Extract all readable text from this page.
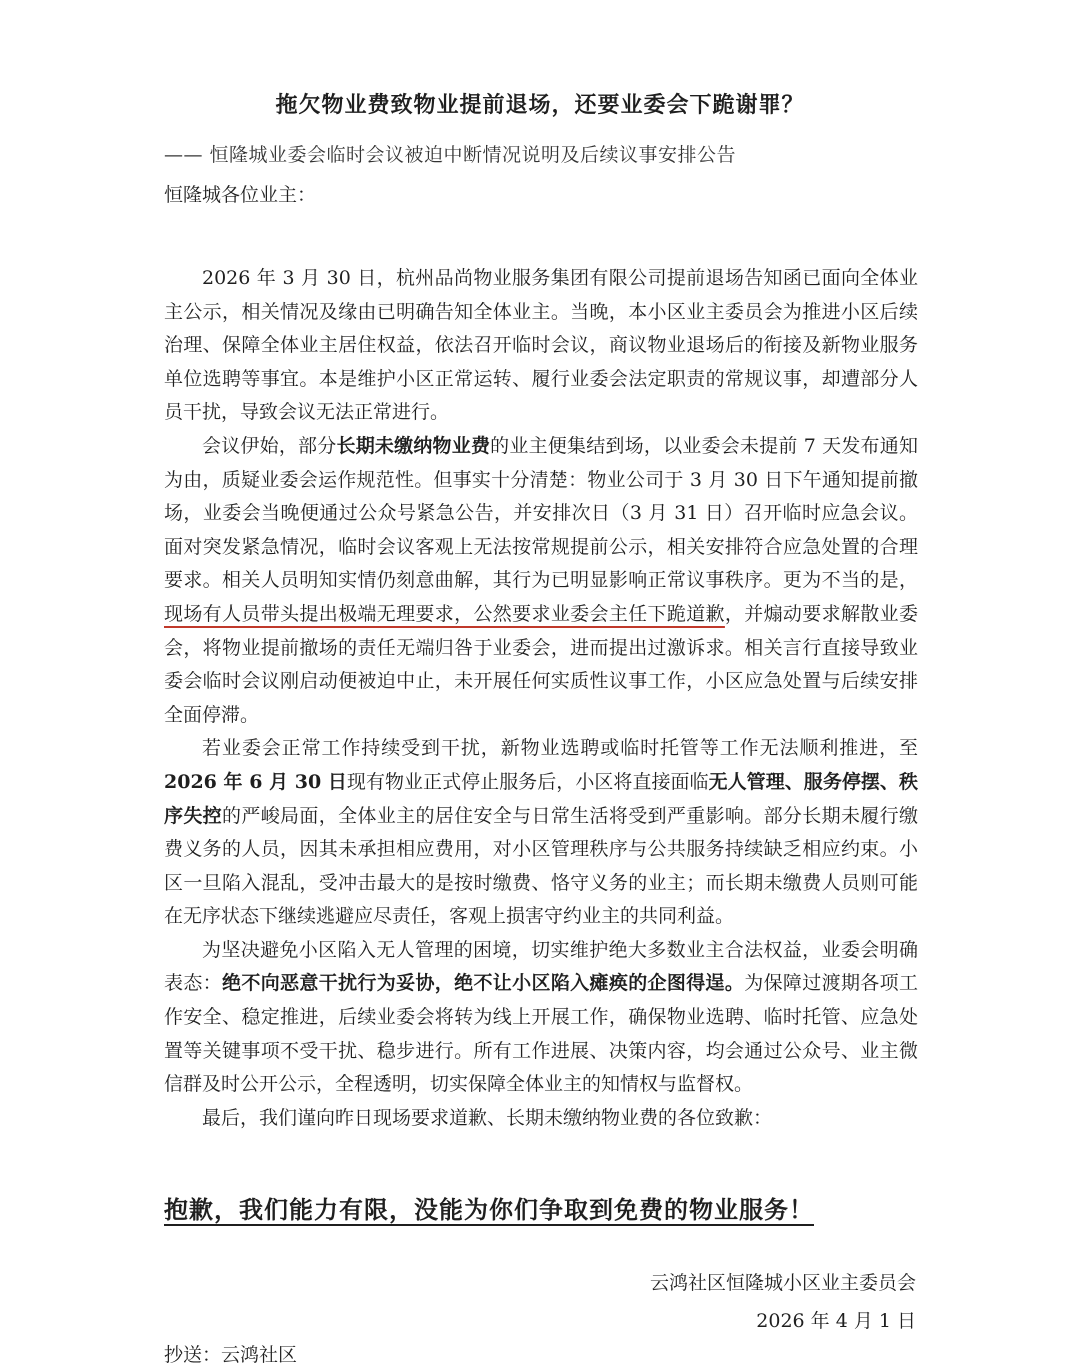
拖欠物业费致物业提前退场，还要业委会下跪谢罪？
—— 恒隆城业委会临时会议被迫中断情况说明及后续议事安排公告
恒隆城各位业主：

2026 年 3 月 30 日，杭州品尚物业服务集团有限公司提前退场告知函已面向全体业主公示，相关情况及缘由已明确告知全体业主。当晚，本小区业主委员会为推进小区后续治理、保障全体业主居住权益，依法召开临时会议，商议物业退场后的衔接及新物业服务单位选聘等事宜。本是维护小区正常运转、履行业委会法定职责的常规议事，却遭部分人员干扰，导致会议无法正常进行。

会议伊始，部分长期未缴纳物业费的业主便集结到场，以业委会未提前 7 天发布通知为由，质疑业委会运作规范性。但事实十分清楚：物业公司于 3 月 30 日下午通知提前撤场，业委会当晚便通过公众号紧急公告，并安排次日（3 月 31 日）召开临时应急会议。面对突发紧急情况，临时会议客观上无法按常规提前公示，相关安排符合应急处置的合理要求。相关人员明知实情仍刻意曲解，其行为已明显影响正常议事秩序。更为不当的是，现场有人员带头提出极端无理要求，公然要求业委会主任下跪道歉，并煽动要求解散业委会，将物业提前撤场的责任无端归咎于业委会，进而提出过激诉求。相关言行直接导致业委会临时会议刚启动便被迫中止，未开展任何实质性议事工作，小区应急处置与后续安排全面停滞。

若业委会正常工作持续受到干扰，新物业选聘或临时托管等工作无法顺利推进，至 2026 年 6 月 30 日现有物业正式停止服务后，小区将直接面临无人管理、服务停摆、秩序失控的严峻局面，全体业主的居住安全与日常生活将受到严重影响。部分长期未履行缴费义务的人员，因其未承担相应费用，对小区管理秩序与公共服务持续缺乏相应约束。小区一旦陷入混乱，受冲击最大的是按时缴费、恪守义务的业主；而长期未缴费人员则可能在无序状态下继续逃避应尽责任，客观上损害守约业主的共同利益。

为坚决避免小区陷入无人管理的困境，切实维护绝大多数业主合法权益，业委会明确表态：绝不向恶意干扰行为妥协，绝不让小区陷入瘫痪的企图得逞。为保障过渡期各项工作安全、稳定推进，后续业委会将转为线上开展工作，确保物业选聘、临时托管、应急处置等关键事项不受干扰、稳步进行。所有工作进展、决策内容，均会通过公众号、业主微信群及时公开公示，全程透明，切实保障全体业主的知情权与监督权。

最后，我们谨向昨日现场要求道歉、长期未缴纳物业费的各位致歉：

抱歉，我们能力有限，没能为你们争取到免费的物业服务！
云鸿社区恒隆城小区业主委员会
2026 年 4 月 1 日
抄送：云鸿社区
